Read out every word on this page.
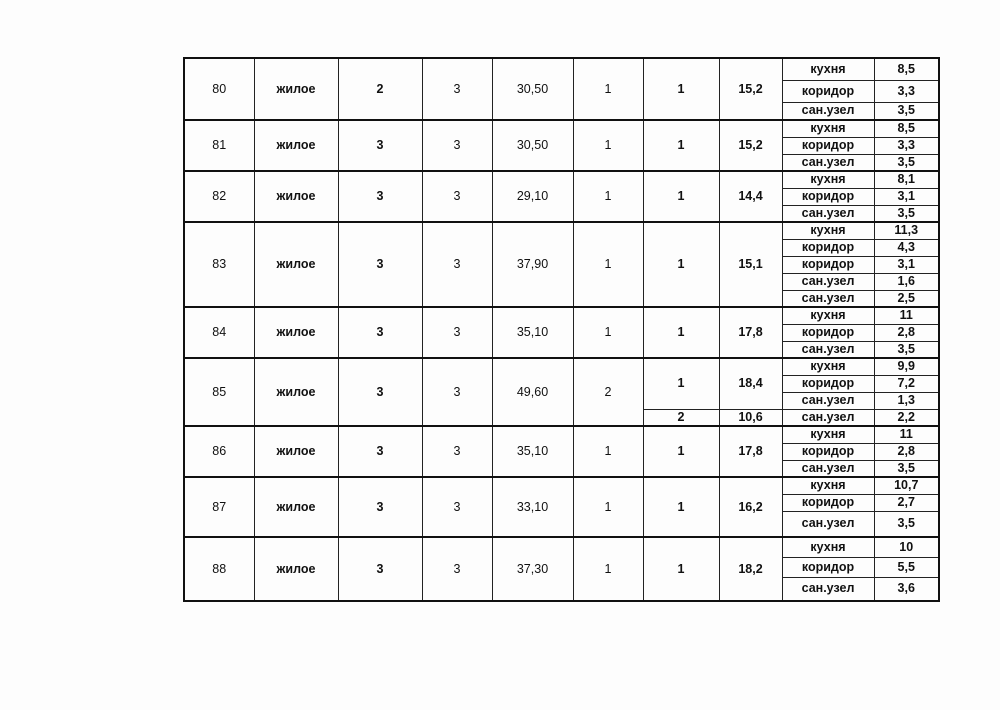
80	жилое	2	3	30,50	1	1	15,2	кухня	8,5
								коридор	3,3
								сан.узел	3,5
81	жилое	3	3	30,50	1	1	15,2	кухня	8,5
								коридор	3,3
								сан.узел	3,5
82	жилое	3	3	29,10	1	1	14,4	кухня	8,1
								коридор	3,1
								сан.узел	3,5
83	жилое	3	3	37,90	1	1	15,1	кухня	11,3
								коридор	4,3
								коридор	3,1
								сан.узел	1,6
								сан.узел	2,5
84	жилое	3	3	35,10	1	1	17,8	кухня	11
								коридор	2,8
								сан.узел	3,5
85	жилое	3	3	49,60	2	1	18,4	кухня	9,9
								коридор	7,2
								сан.узел	1,3
						2	10,6	сан.узел	2,2
86	жилое	3	3	35,10	1	1	17,8	кухня	11
								коридор	2,8
								сан.узел	3,5
87	жилое	3	3	33,10	1	1	16,2	кухня	10,7
								коридор	2,7
								сан.узел	3,5
88	жилое	3	3	37,30	1	1	18,2	кухня	10
								коридор	5,5
								сан.узел	3,6
